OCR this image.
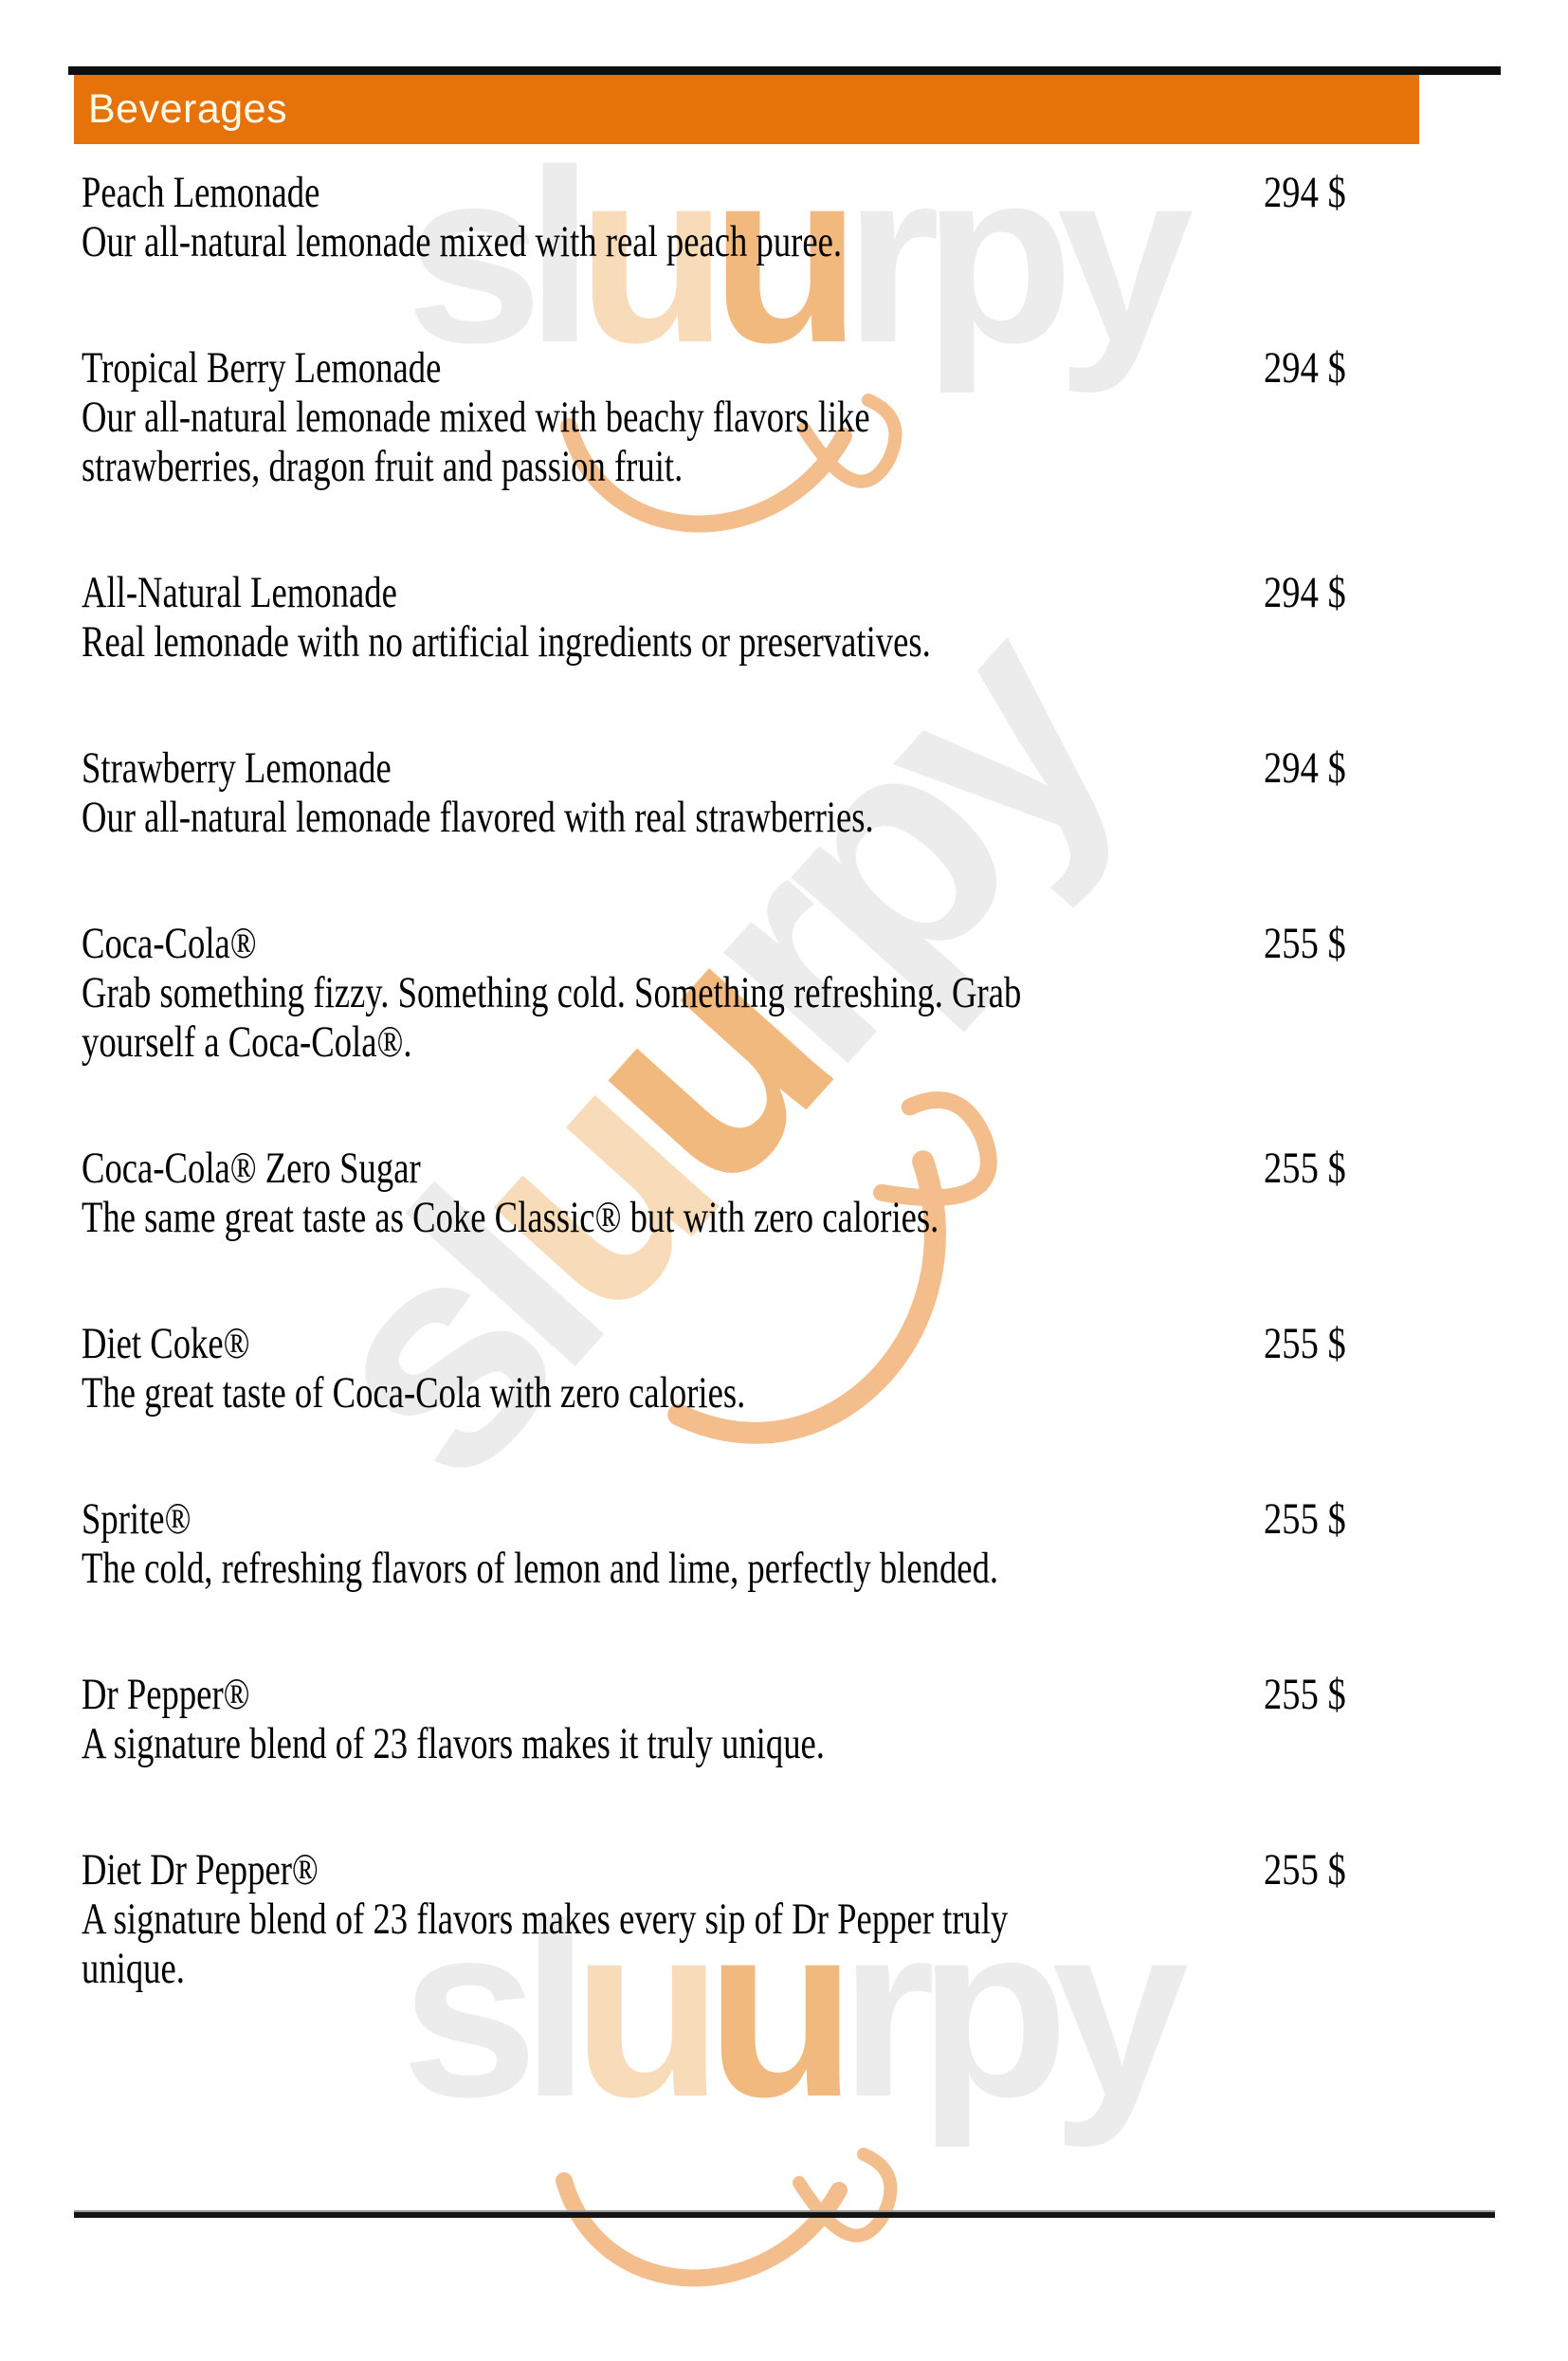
Beverages
Peach Lemonade	294 $
Our all-natural lemonade mixed with real peach puree.
Tropical Berry Lemonade	294 $
Our all-natural lemonade mixed with beachy flavors like
strawberries, dragon fruit and passion fruit.
All-Natural Lemonade	294 $
Real lemonade with no artificial ingredients or preservatives.
Strawberry Lemonade	294 $
Our all-natural lemonade flavored with real strawberries.
Coca-Cola®	255 $
Grab something fizzy. Something cold. Something refreshing. Grab
yourself a Coca-Cola®.
Coca-Cola® Zero Sugar	255 $
The same great taste as Coke Classic® but with zero calories.
Diet Coke®	255 $
The great taste of Coca-Cola with zero calories.
Sprite®	255 $
The cold, refreshing flavors of lemon and lime, perfectly blended.
Dr Pepper®	255 $
A signature blend of 23 flavors makes it truly unique.
Diet Dr Pepper®	255 $
A signature blend of 23 flavors makes every sip of Dr Pepper truly
unique.
